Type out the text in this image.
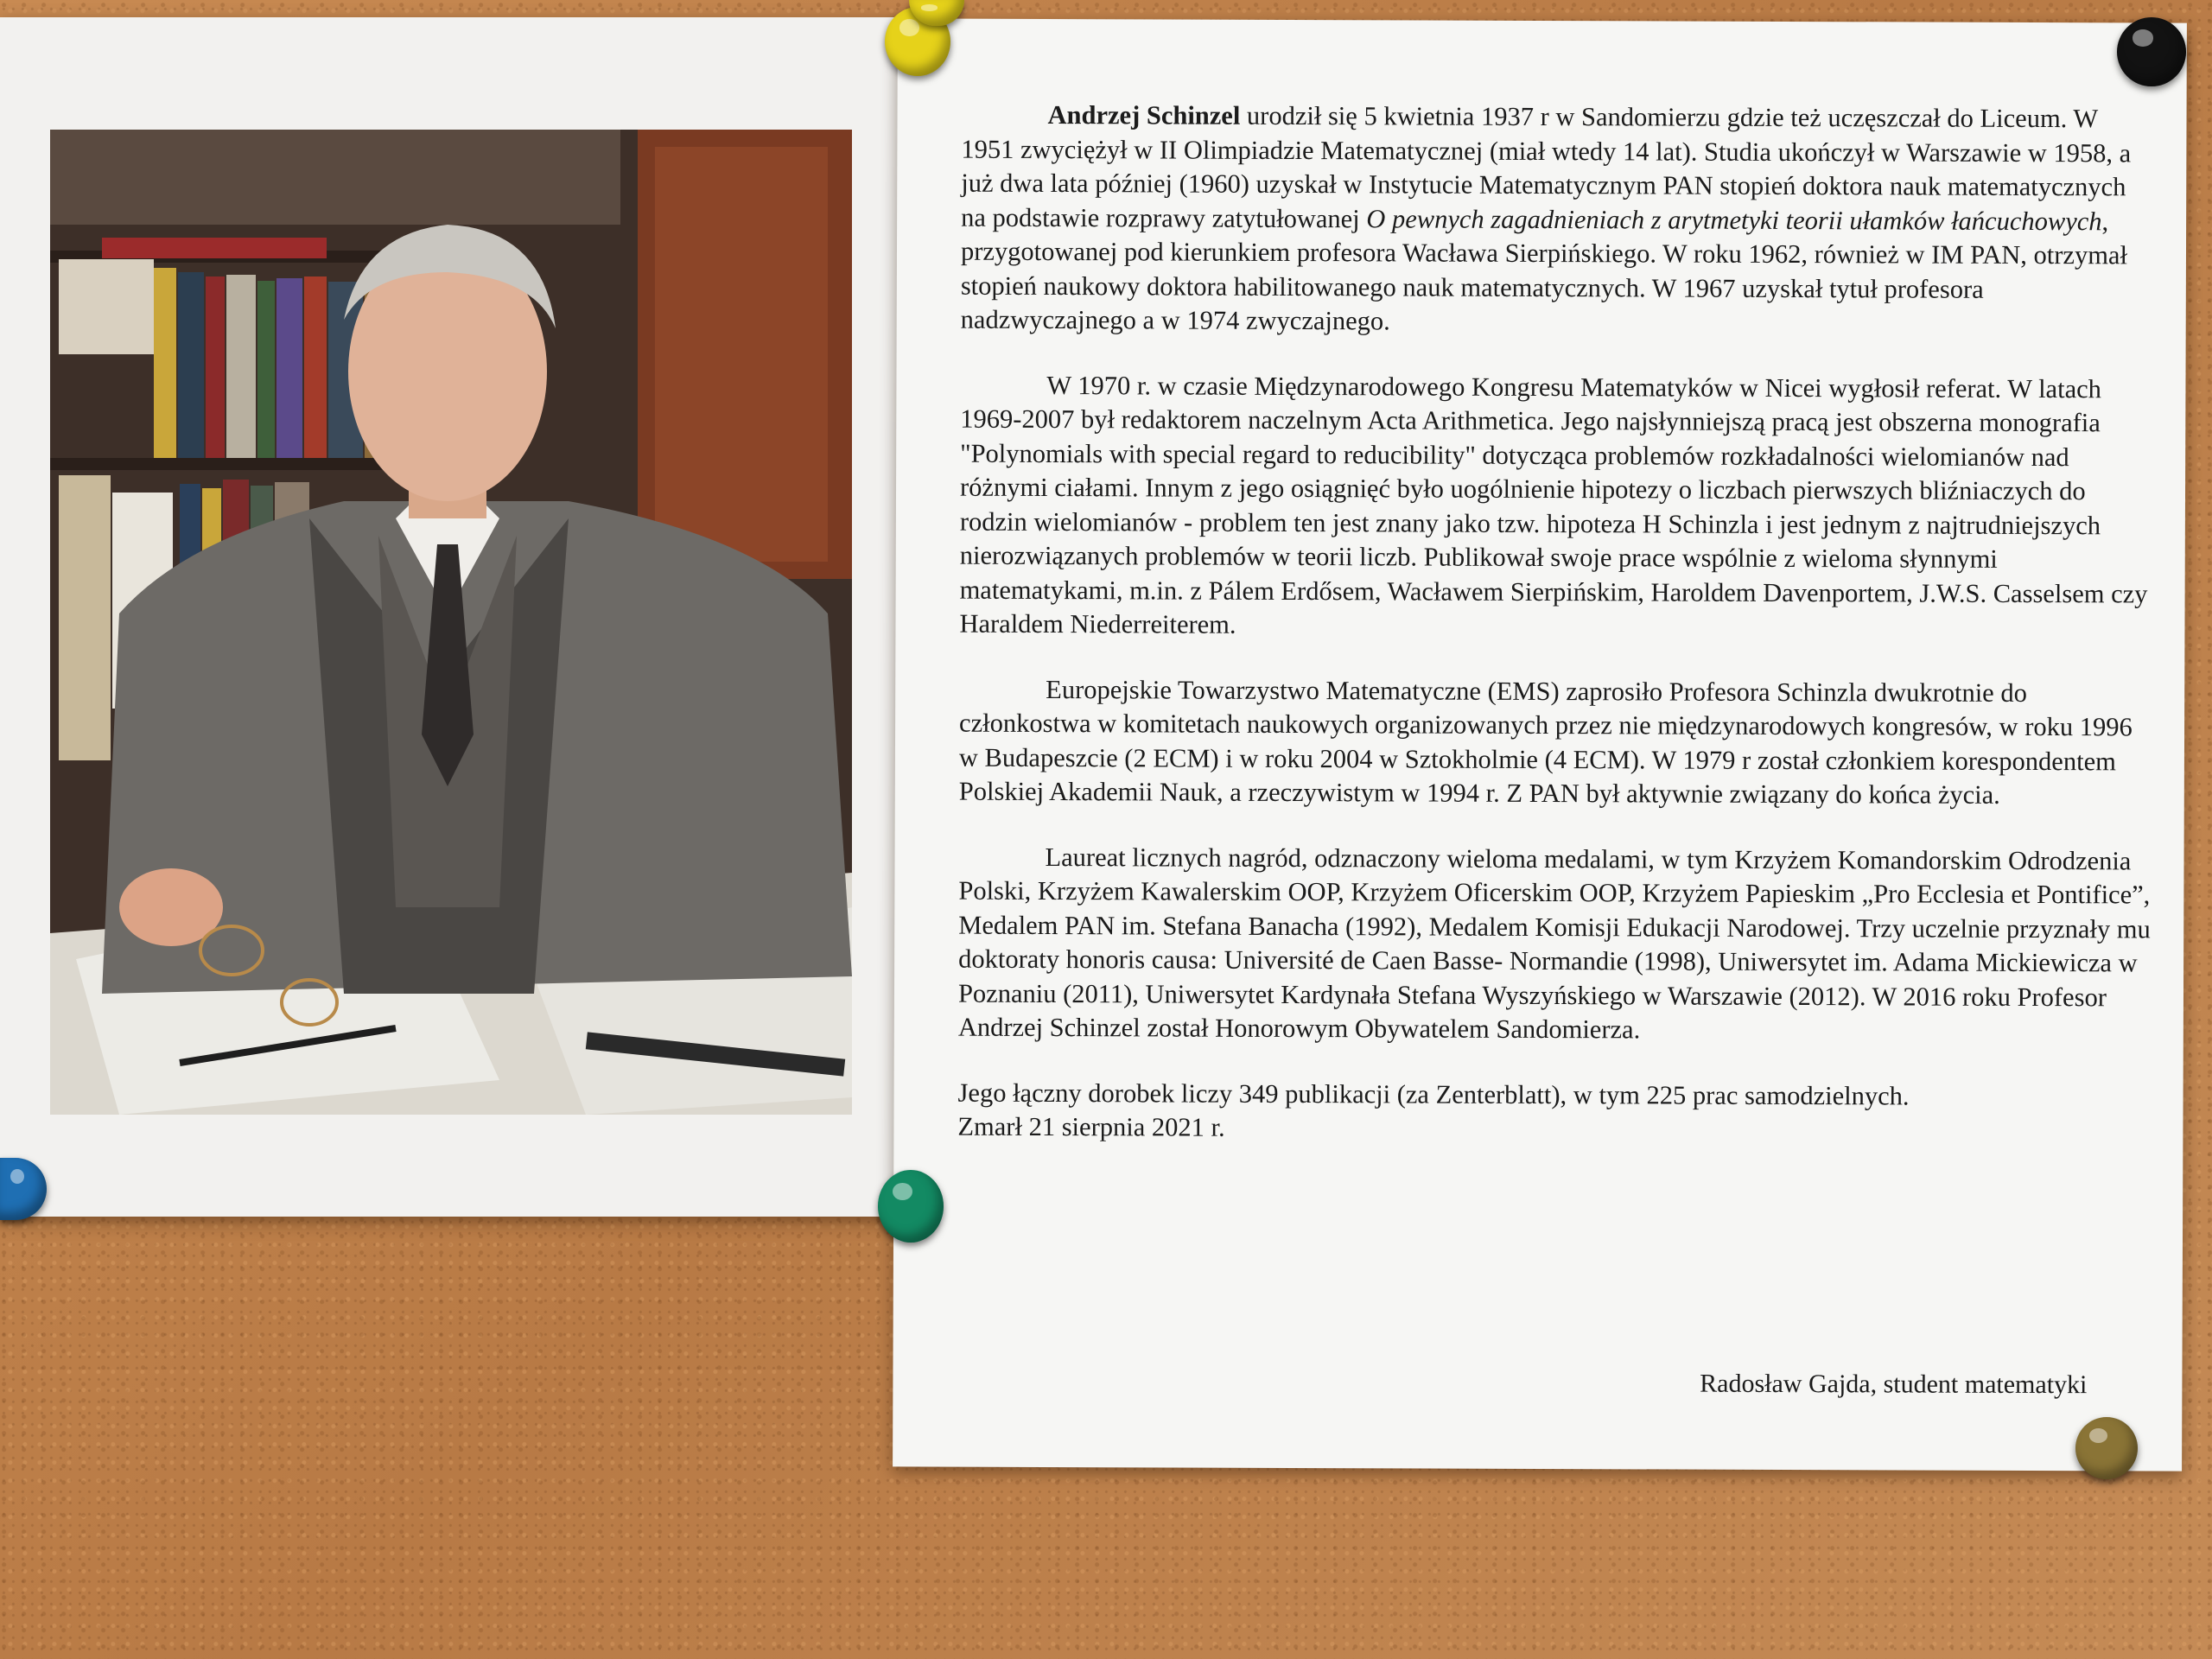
Andrzej Schinzel urodził się 5 kwietnia 1937 r w Sandomierzu gdzie też uczęszczał do Liceum. W 1951 zwyciężył w II Olimpiadzie Matematycznej (miał wtedy 14 lat). Studia ukończył w Warszawie w 1958, a już dwa lata później (1960) uzyskał w Instytucie Matematycznym PAN stopień doktora nauk matematycznych na podstawie rozprawy zatytułowanej O pewnych zagadnieniach z arytmetyki teorii ułamków łańcuchowych, przygotowanej pod kierunkiem profesora Wacława Sierpińskiego. W roku 1962, również w IM PAN, otrzymał stopień naukowy doktora habilitowanego nauk matematycznych. W 1967 uzyskał tytuł profesora nadzwyczajnego a w 1974 zwyczajnego.

W 1970 r. w czasie Międzynarodowego Kongresu Matematyków w Nicei wygłosił referat. W latach 1969-2007 był redaktorem naczelnym Acta Arithmetica. Jego najsłynniejszą pracą jest obszerna monografia "Polynomials with special regard to reducibility" dotycząca problemów rozkładalności wielomianów nad różnymi ciałami. Innym z jego osiągnięć było uogólnienie hipotezy o liczbach pierwszych bliźniaczych do rodzin wielomianów - problem ten jest znany jako tzw. hipoteza H Schinzla i jest jednym z najtrudniejszych nierozwiązanych problemów w teorii liczb. Publikował swoje prace wspólnie z wieloma słynnymi matematykami, m.in. z Pálem Erdősem, Wacławem Sierpińskim, Haroldem Davenportem, J.W.S. Casselsem czy Haraldem Niederreiterem.

Europejskie Towarzystwo Matematyczne (EMS) zaprosiło Profesora Schinzla dwukrotnie do członkostwa w komitetach naukowych organizowanych przez nie międzynarodowych kongresów, w roku 1996 w Budapeszcie (2 ECM) i w roku 2004 w Sztokholmie (4 ECM). W 1979 r został członkiem korespondentem Polskiej Akademii Nauk, a rzeczywistym w 1994 r. Z PAN był aktywnie związany do końca życia.

Laureat licznych nagród, odznaczony wieloma medalami, w tym Krzyżem Komandorskim Odrodzenia Polski, Krzyżem Kawalerskim OOP, Krzyżem Oficerskim OOP, Krzyżem Papieskim „Pro Ecclesia et Pontifice”, Medalem PAN im. Stefana Banacha (1992), Medalem Komisji Edukacji Narodowej. Trzy uczelnie przyznały mu doktoraty honoris causa: Université de Caen Basse- Normandie (1998), Uniwersytet im. Adama Mickiewicza w Poznaniu (2011), Uniwersytet Kardynała Stefana Wyszyńskiego w Warszawie (2012). W 2016 roku Profesor Andrzej Schinzel został Honorowym Obywatelem Sandomierza.

Jego łączny dorobek liczy 349 publikacji (za Zenterblatt), w tym 225 prac samodzielnych.
Zmarł 21 sierpnia 2021 r.

Radosław Gajda, student matematyki
